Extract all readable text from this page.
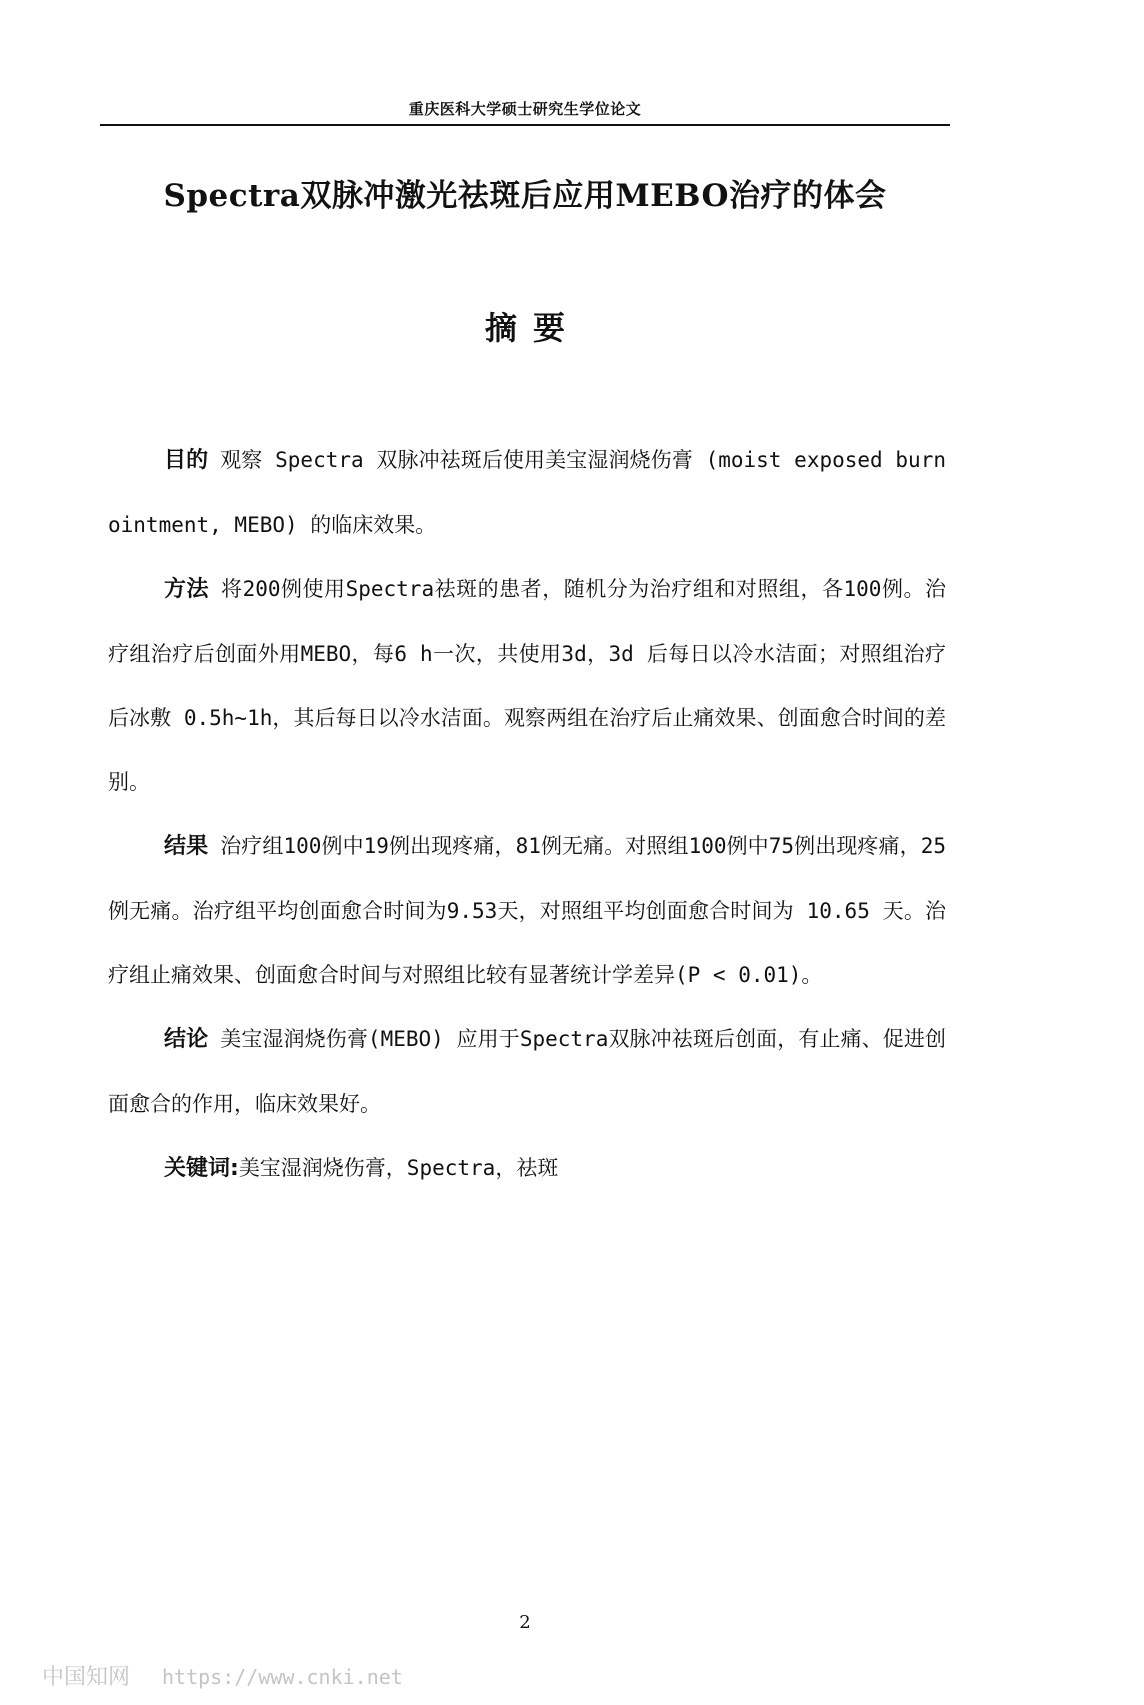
重庆医科大学硕士研究生学位论文
Spectra双脉冲激光祛斑后应用MEBO治疗的体会
摘要

目的 观察 Spectra 双脉冲祛斑后使用美宝湿润烧伤膏 (moist exposed burn ointment, MEBO) 的临床效果。

方法 将200例使用Spectra祛斑的患者，随机分为治疗组和对照组，各100例。治疗组治疗后创面外用MEBO，每6 h一次，共使用3d，3d 后每日以冷水洁面；对照组治疗后冰敷 0.5h~1h，其后每日以冷水洁面。观察两组在治疗后止痛效果、创面愈合时间的差别。

结果 治疗组100例中19例出现疼痛，81例无痛。对照组100例中75例出现疼痛，25例无痛。治疗组平均创面愈合时间为9.53天，对照组平均创面愈合时间为 10.65 天。治疗组止痛效果、创面愈合时间与对照组比较有显著统计学差异(P < 0.01)。

结论 美宝湿润烧伤膏(MEBO) 应用于Spectra双脉冲祛斑后创面，有止痛、促进创面愈合的作用，临床效果好。

关键词:美宝湿润烧伤膏，Spectra，祛斑

2
中国知网 https://www.cnki.net
